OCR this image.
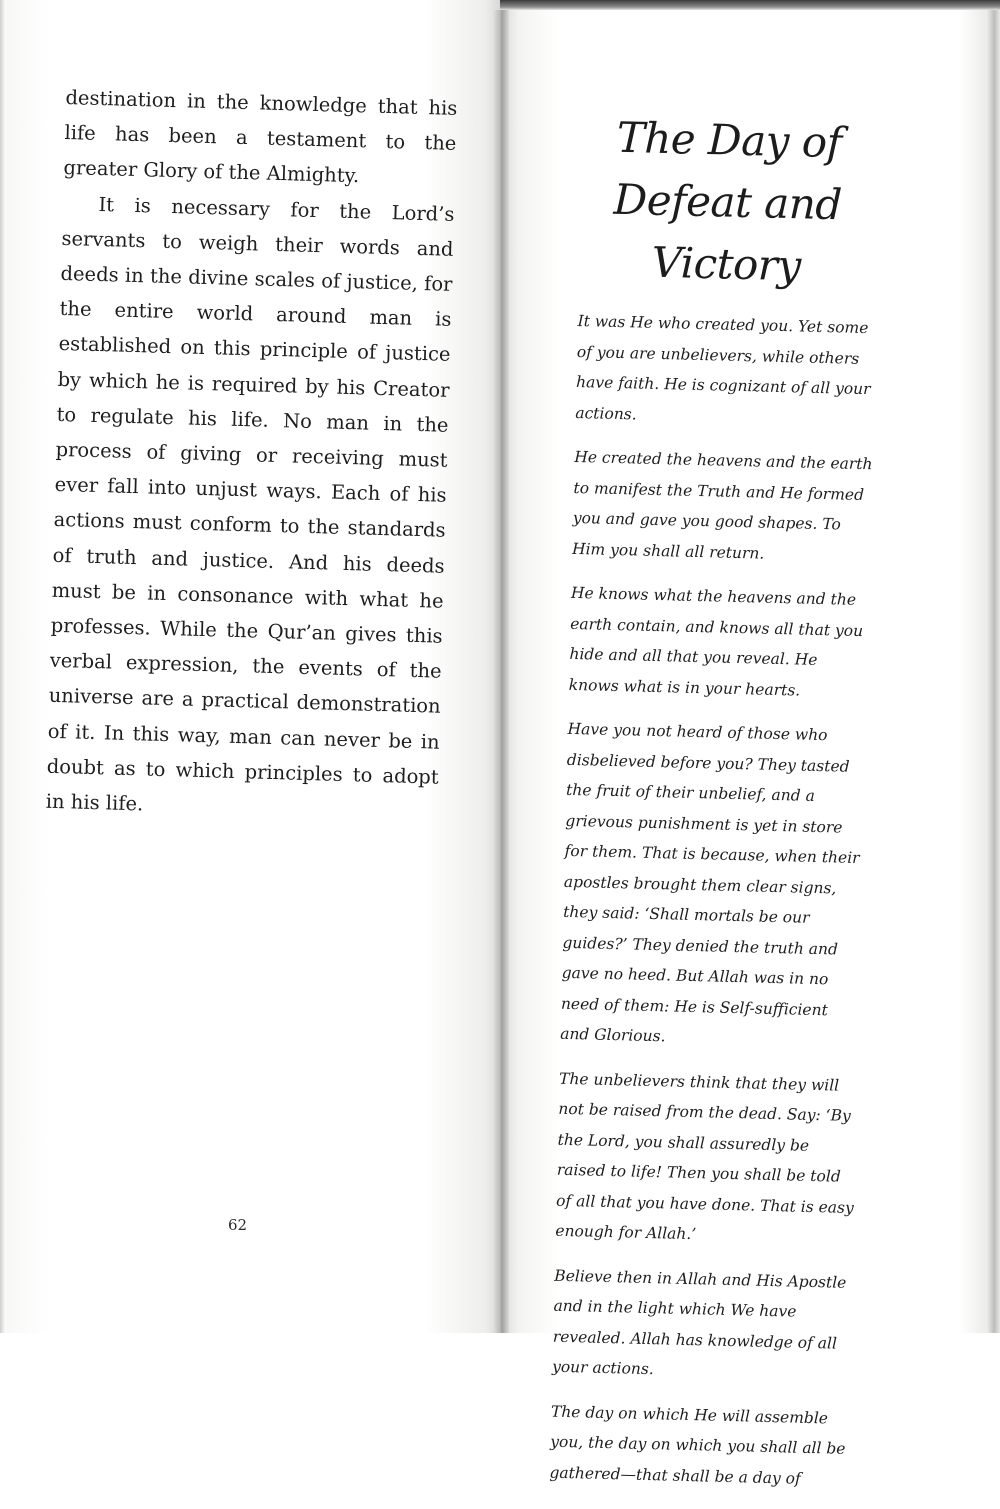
destination in the knowledge that his life has been a testament to the greater Glory of the Almighty.

It is necessary for the Lord’s servants to weigh their words and deeds in the divine scales of justice, for the entire world around man is established on this principle of justice by which he is required by his Creator to regulate his life. No man in the process of giving or receiving must ever fall into unjust ways. Each of his actions must conform to the standards of truth and justice. And his deeds must be in consonance with what he professes. While the Qur’an gives this verbal expression, the events of the universe are a practical demonstration of it. In this way, man can never be in doubt as to which principles to adopt in his life.

62
The Day of
Defeat and Victory

It was He who created you. Yet some of you are unbelievers, while others have faith. He is cognizant of all your actions.

He created the heavens and the earth to manifest the Truth and He formed you and gave you good shapes. To Him you shall all return.

He knows what the heavens and the earth contain, and knows all that you hide and all that you reveal. He knows what is in your hearts.

Have you not heard of those who disbelieved before you? They tasted the fruit of their unbelief, and a grievous punishment is yet in store for them. That is because, when their apostles brought them clear signs, they said: ‘Shall mortals be our guides?’ They denied the truth and gave no heed. But Allah was in no need of them: He is Self-sufficient and Glorious.

The unbelievers think that they will not be raised from the dead. Say: ‘By the Lord, you shall assuredly be raised to life! Then you shall be told of all that you have done. That is easy enough for Allah.’

Believe then in Allah and His Apostle and in the light which We have revealed. Allah has knowledge of all your actions.

The day on which He will assemble you, the day on which you shall all be gathered—that shall be a day of
